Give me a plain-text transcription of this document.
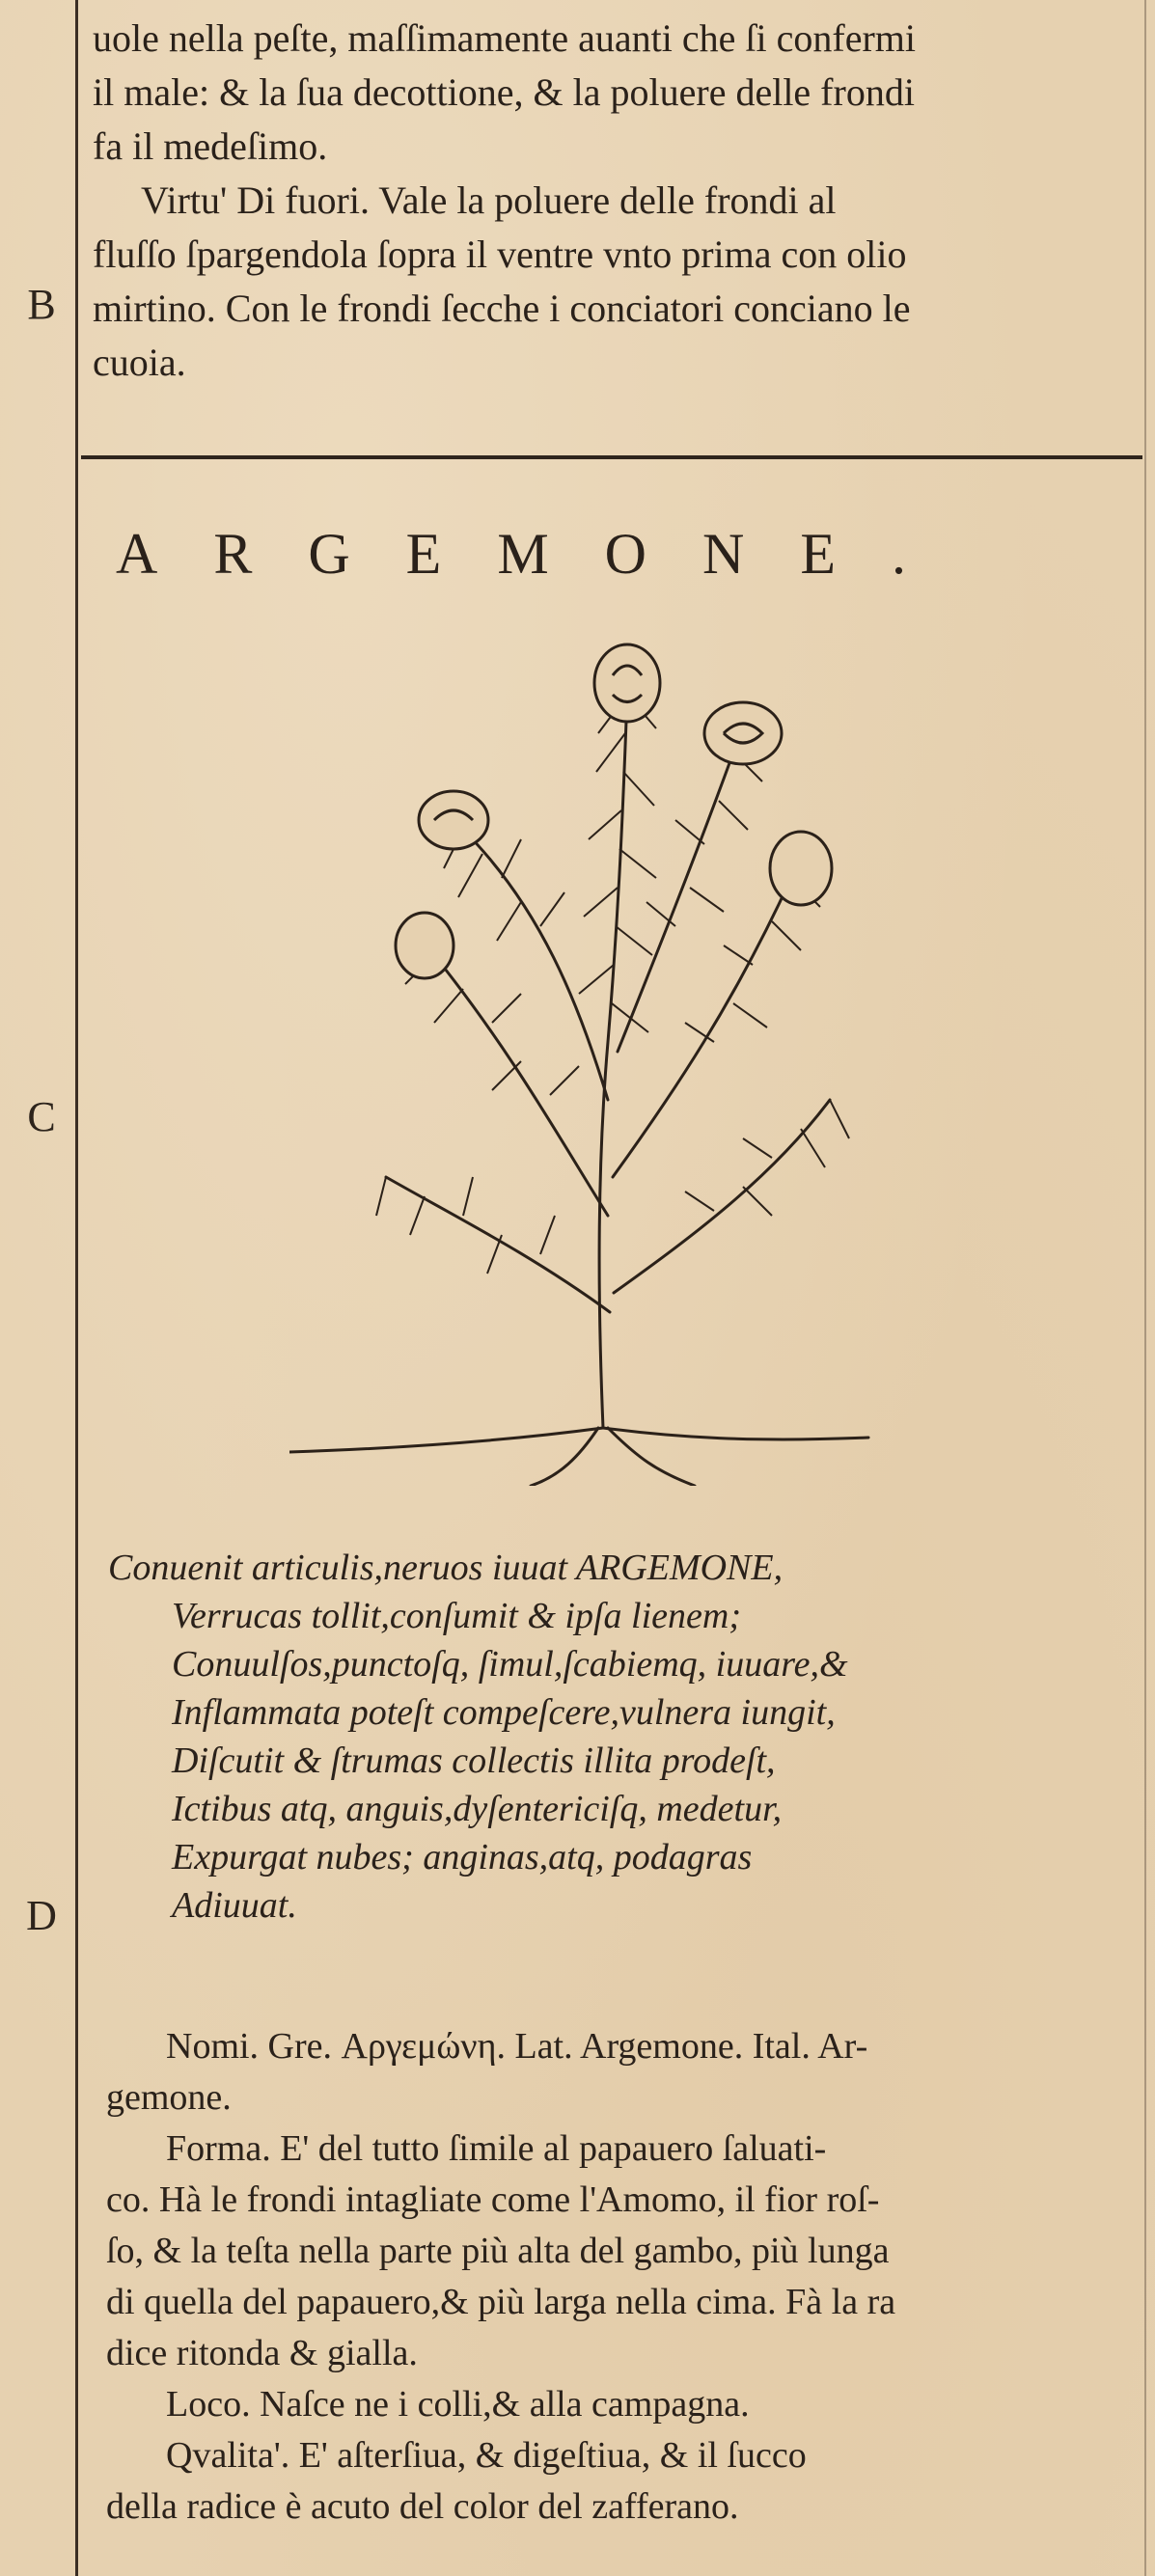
B
C
D
uole nella peſte, maſſimamente auanti che ſi confermi
il male: & la ſua decottione, & la poluere delle frondi
fa il medeſimo.
Virtu' Di fuori. Vale la poluere delle frondi al
fluſſo ſpargendola ſopra il ventre vnto prima con olio
mirtino. Con le frondi ſecche i conciatori conciano le
cuoia.
ARGEMONE.
Conuenit articulis,neruos iuuat ARGEMONE,
Verrucas tollit,conſumit & ipſa lienem;
Conuulſos,punctoſq, ſimul,ſcabiemq, iuuare,&
Inflammata poteſt compeſcere,vulnera iungit,
Diſcutit & ſtrumas collectis illita prodeſt,
Ictibus atq, anguis,dyſentericiſq, medetur,
Expurgat nubes; anginas,atq, podagras
Adiuuat.
Nomi. Gre. Αργεμώνη. Lat. Argemone. Ital. Ar-
gemone.
Forma. E' del tutto ſimile al papauero ſaluati-
co. Hà le frondi intagliate come l'Amomo, il fior roſ-
ſo, & la teſta nella parte più alta del gambo, più lunga
di quella del papauero,& più larga nella cima. Fà la ra
dice ritonda & gialla.
Loco. Naſce ne i colli,& alla campagna.
Qvalita'. E' aſterſiua, & digeſtiua, & il ſucco
della radice è acuto del color del zafferano.
